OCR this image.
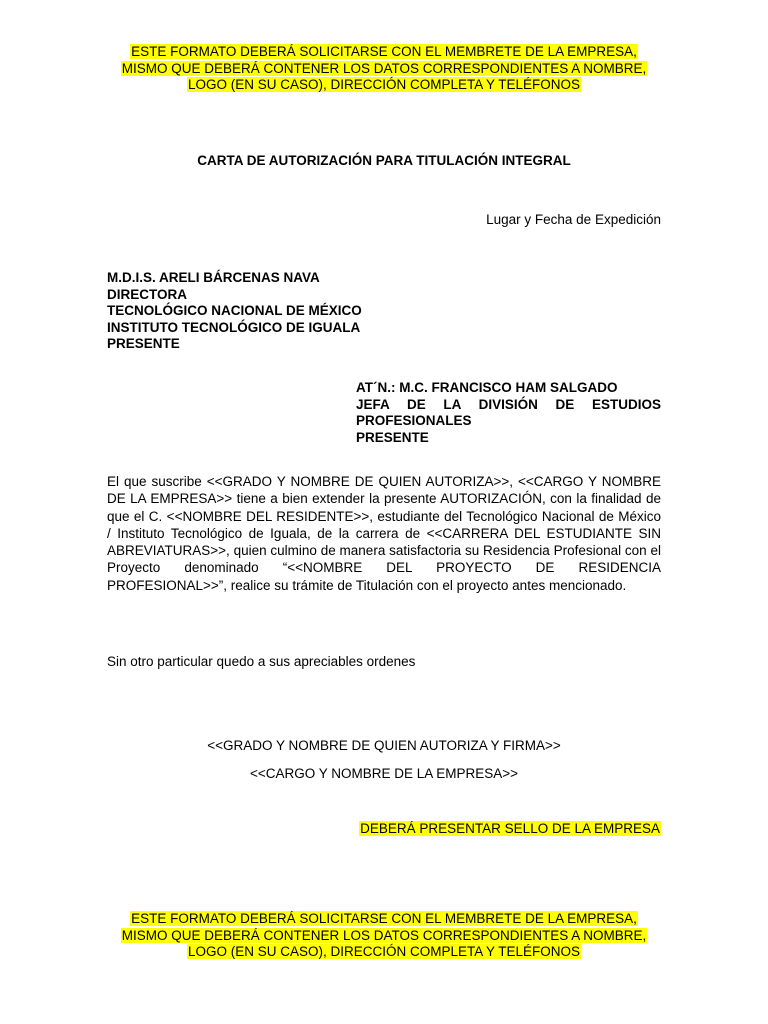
ESTE FORMATO DEBERÁ SOLICITARSE CON EL MEMBRETE DE LA EMPRESA,
MISMO QUE DEBERÁ CONTENER LOS DATOS CORRESPONDIENTES A NOMBRE,
LOGO (EN SU CASO), DIRECCIÓN COMPLETA Y TELÉFONOS
CARTA DE AUTORIZACIÓN PARA TITULACIÓN INTEGRAL
Lugar y Fecha de Expedición
M.D.I.S. ARELI BÁRCENAS NAVA
DIRECTORA
TECNOLÓGICO NACIONAL DE MÉXICO
INSTITUTO TECNOLÓGICO DE IGUALA
PRESENTE
AT´N.: M.C. FRANCISCO HAM SALGADO
JEFA DE LA DIVISIÓN DE ESTUDIOS PROFESIONALES
PRESENTE
El que suscribe <<GRADO Y NOMBRE DE QUIEN AUTORIZA>>, <<CARGO Y NOMBRE DE LA EMPRESA>> tiene a bien extender la presente AUTORIZACIÓN, con la finalidad de que el C. <<NOMBRE DEL RESIDENTE>>, estudiante del Tecnológico Nacional de México / Instituto Tecnológico de Iguala, de la carrera de <<CARRERA DEL ESTUDIANTE SIN ABREVIATURAS>>, quien culmino de manera satisfactoria su Residencia Profesional con el Proyecto denominado “<<NOMBRE DEL PROYECTO DE RESIDENCIA PROFESIONAL>>”, realice su trámite de Titulación con el proyecto antes mencionado.
Sin otro particular quedo a sus apreciables ordenes
<<GRADO Y NOMBRE DE QUIEN AUTORIZA Y FIRMA>>
<<CARGO Y NOMBRE DE LA EMPRESA>>
DEBERÁ PRESENTAR SELLO DE LA EMPRESA
ESTE FORMATO DEBERÁ SOLICITARSE CON EL MEMBRETE DE LA EMPRESA,
MISMO QUE DEBERÁ CONTENER LOS DATOS CORRESPONDIENTES A NOMBRE,
LOGO (EN SU CASO), DIRECCIÓN COMPLETA Y TELÉFONOS
